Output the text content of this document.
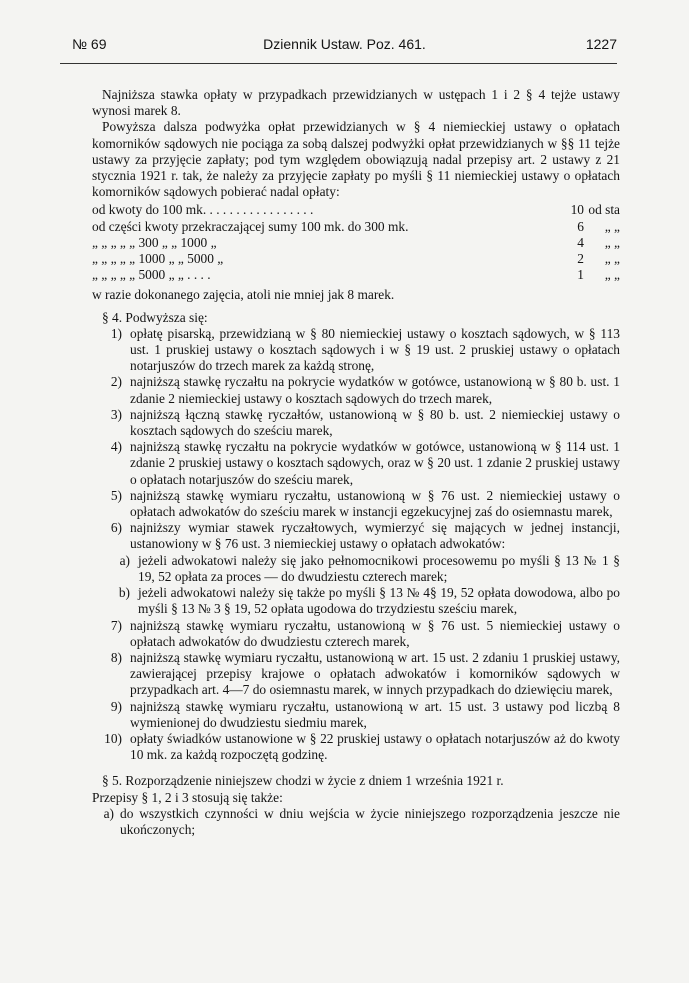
№ 69	Dziennik Ustaw. Poz. 461.	1227

Najniższa stawka opłaty w przypadkach przewidzianych w ustępach 1 i 2 § 4 tejże ustawy wynosi marek 8.

Powyższa dalsza podwyżka opłat przewidzianych w § 4 niemieckiej ustawy o opłatach komorników sądowych nie pociąga za sobą dalszej podwyżki opłat przewidzianych w §§ 11 tejże ustawy za przyjęcie zapłaty; pod tym względem obowiązują nadal przepisy art. 2 ustawy z 21 stycznia 1921 r. tak, że należy za przyjęcie zapłaty po myśli § 11 niemieckiej ustawy o opłatach komorników sądowych pobierać nadal opłaty:

od kwoty do 100 mk. . . . . . . . . . . . . . . . .	10 od sta
od części kwoty przekraczającej sumy 100 mk. do 300 mk.	6	„ „
„ „ „ „ „ 300 „ „ 1000 „	4	„ „
„ „ „ „ „ 1000 „ „ 5000 „	2	„ „
„ „ „ „ „ 5000 „ „ . . . .	1	„ „

w razie dokonanego zajęcia, atoli nie mniej jak 8 marek.

§ 4. Podwyższa się:

1) opłatę pisarską, przewidzianą w § 80 niemieckiej ustawy o kosztach sądowych, w § 113 ust. 1 pruskiej ustawy o kosztach sądowych i w § 19 ust. 2 pruskiej ustawy o opłatach notarjuszów do trzech marek za każdą stronę,
2) najniższą stawkę ryczałtu na pokrycie wydatków w gotówce, ustanowioną w § 80 b. ust. 1 zdanie 2 niemieckiej ustawy o kosztach sądowych do trzech marek,
3) najniższą łączną stawkę ryczałtów, ustanowioną w § 80 b. ust. 2 niemieckiej ustawy o kosztach sądowych do sześciu marek,
4) najniższą stawkę ryczałtu na pokrycie wydatków w gotówce, ustanowioną w § 114 ust. 1 zdanie 2 pruskiej ustawy o kosztach sądowych, oraz w § 20 ust. 1 zdanie 2 pruskiej ustawy o opłatach notarjuszów do sześciu marek,
5) najniższą stawkę wymiaru ryczałtu, ustanowioną w § 76 ust. 2 niemieckiej ustawy o opłatach adwokatów do sześciu marek w instancji egzekucyjnej zaś do osiemnastu marek,
6) najniższy wymiar stawek ryczałtowych, wymierzyć się mających w jednej instancji, ustanowiony w § 76 ust. 3 niemieckiej ustawy o opłatach adwokatów:
a) jeżeli adwokatowi należy się jako pełnomocnikowi procesowemu po myśli § 13 № 1 § 19, 52 opłata za proces — do dwudziestu czterech marek;
b) jeżeli adwokatowi należy się także po myśli § 13 № 4§ 19, 52 opłata dowodowa, albo po myśli § 13 № 3 § 19, 52 opłata ugodowa do trzydziestu sześciu marek,
7) najniższą stawkę wymiaru ryczałtu, ustanowioną w § 76 ust. 5 niemieckiej ustawy o opłatach adwokatów do dwudziestu czterech marek,
8) najniższą stawkę wymiaru ryczałtu, ustanowioną w art. 15 ust. 2 zdaniu 1 pruskiej ustawy, zawierającej przepisy krajowe o opłatach adwokatów i komorników sądowych w przypadkach art. 4—7 do osiemnastu marek, w innych przypadkach do dziewięciu marek,
9) najniższą stawkę wymiaru ryczałtu, ustanowioną w art. 15 ust. 3 ustawy pod liczbą 8 wymienionej do dwudziestu siedmiu marek,
10) opłaty świadków ustanowione w § 22 pruskiej ustawy o opłatach notarjuszów aż do kwoty 10 mk. za każdą rozpoczętą godzinę.

§ 5. Rozporządzenie niniejszew chodzi w życie z dniem 1 września 1921 r.

Przepisy § 1, 2 i 3 stosują się także:

a) do wszystkich czynności w dniu wejścia w życie niniejszego rozporządzenia jeszcze nie ukończonych;
